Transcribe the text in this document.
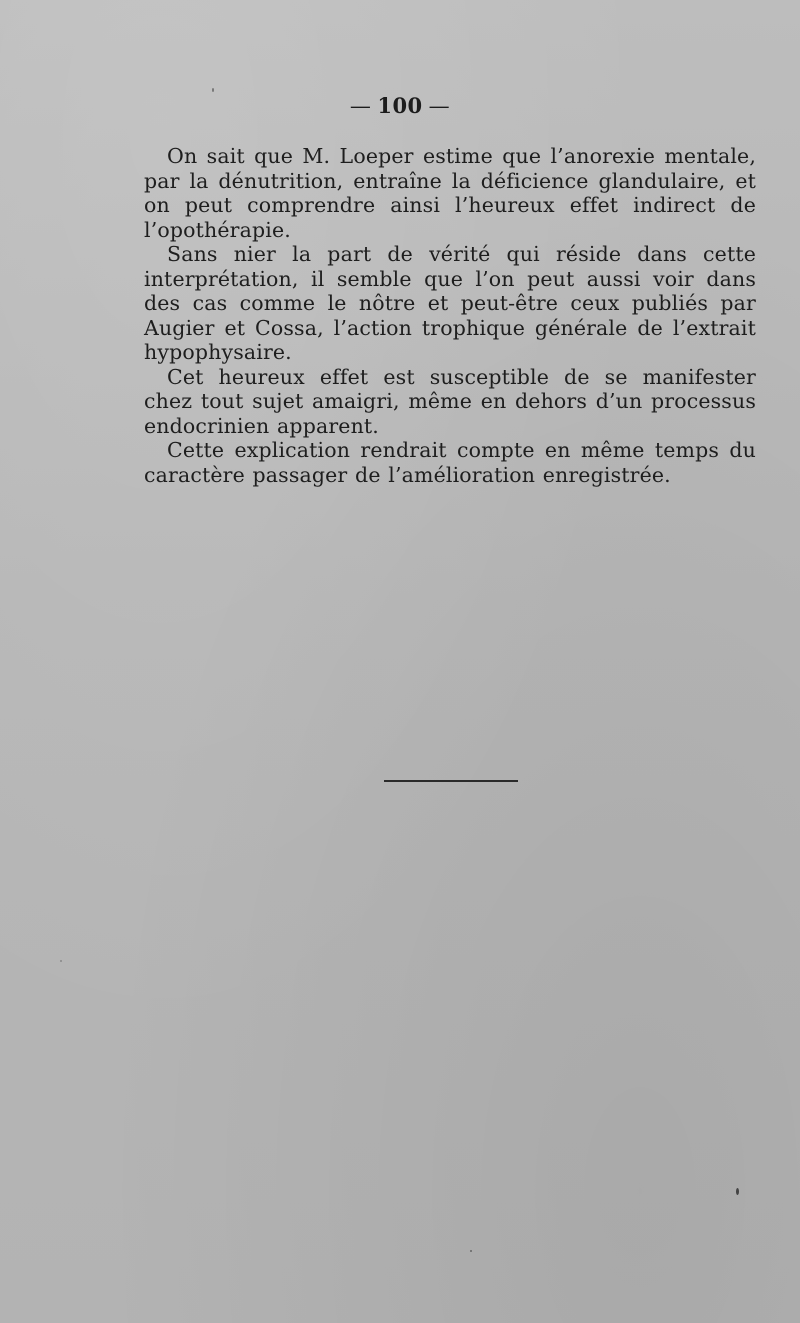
— 100 —

On sait que M. Loeper estime que l’anorexie mentale, par la dénutrition, entraîne la déficience glandulaire, et on peut comprendre ainsi l’heureux effet indirect de l’opothérapie.

Sans nier la part de vérité qui réside dans cette interprétation, il semble que l’on peut aussi voir dans des cas comme le nôtre et peut-être ceux publiés par Augier et Cossa, l’action trophique générale de l’extrait hypophysaire.

Cet heureux effet est susceptible de se manifester chez tout sujet amaigri, même en dehors d’un processus endocrinien apparent.

Cette explication rendrait compte en même temps du caractère passager de l’amélioration enregistrée.
